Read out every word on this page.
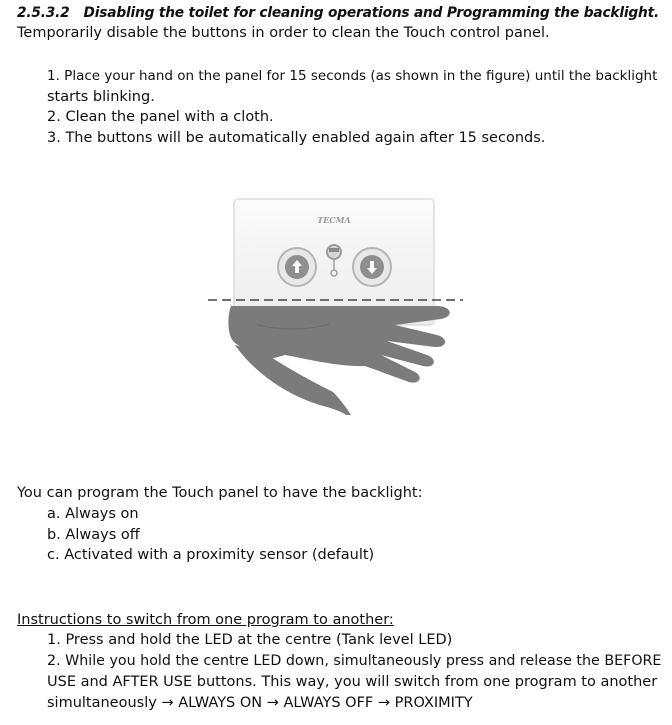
2.5.3.2 Disabling the toilet for cleaning operations and Programming the backlight.
Temporarily disable the buttons in order to clean the Touch control panel.
1. Place your hand on the panel for 15 seconds (as shown in the figure) until the backlight
starts blinking.
2. Clean the panel with a cloth.
3. The buttons will be automatically enabled again after 15 seconds.
TECMA
You can program the Touch panel to have the backlight:
a. Always on
b. Always off
c. Activated with a proximity sensor (default)
Instructions to switch from one program to another:
1. Press and hold the LED at the centre (Tank level LED)
2. While you hold the centre LED down, simultaneously press and release the BEFORE
USE and AFTER USE buttons. This way, you will switch from one program to another
simultaneously → ALWAYS ON → ALWAYS OFF → PROXIMITY
